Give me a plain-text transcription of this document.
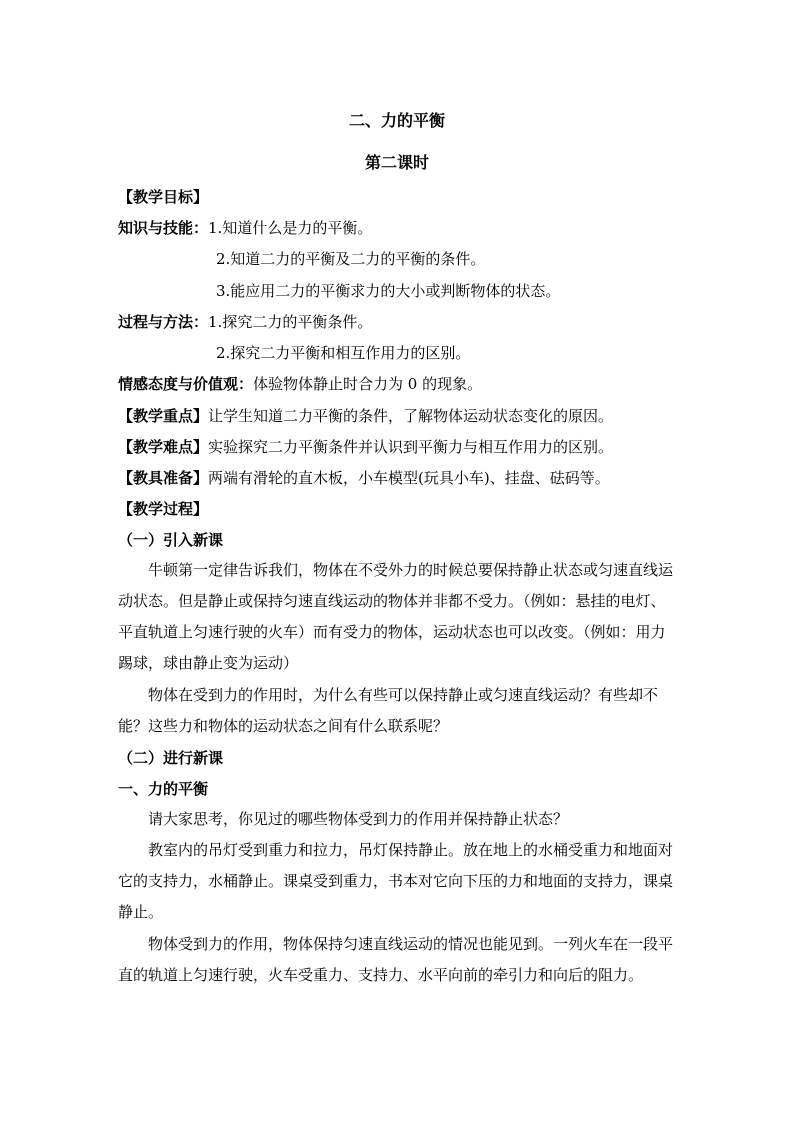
二、力的平衡
第二课时
【教学目标】
知识与技能：1.知道什么是力的平衡。
2.知道二力的平衡及二力的平衡的条件。
3.能应用二力的平衡求力的大小或判断物体的状态。
过程与方法：1.探究二力的平衡条件。
2.探究二力平衡和相互作用力的区别。
情感态度与价值观：体验物体静止时合力为 0 的现象。
【教学重点】让学生知道二力平衡的条件，了解物体运动状态变化的原因。
【教学难点】实验探究二力平衡条件并认识到平衡力与相互作用力的区别。
【教具准备】两端有滑轮的直木板，小车模型(玩具小车)、挂盘、砝码等。
【教学过程】
（一）引入新课

牛顿第一定律告诉我们，物体在不受外力的时候总要保持静止状态或匀速直线运动状态。但是静止或保持匀速直线运动的物体并非都不受力。（例如：悬挂的电灯、平直轨道上匀速行驶的火车）而有受力的物体，运动状态也可以改变。（例如：用力踢球，球由静止变为运动）

物体在受到力的作用时，为什么有些可以保持静止或匀速直线运动？有些却不能？这些力和物体的运动状态之间有什么联系呢？

（二）进行新课
一、力的平衡

请大家思考，你见过的哪些物体受到力的作用并保持静止状态？

教室内的吊灯受到重力和拉力，吊灯保持静止。放在地上的水桶受重力和地面对它的支持力，水桶静止。课桌受到重力，书本对它向下压的力和地面的支持力，课桌静止。

物体受到力的作用，物体保持匀速直线运动的情况也能见到。一列火车在一段平直的轨道上匀速行驶，火车受重力、支持力、水平向前的牵引力和向后的阻力。
